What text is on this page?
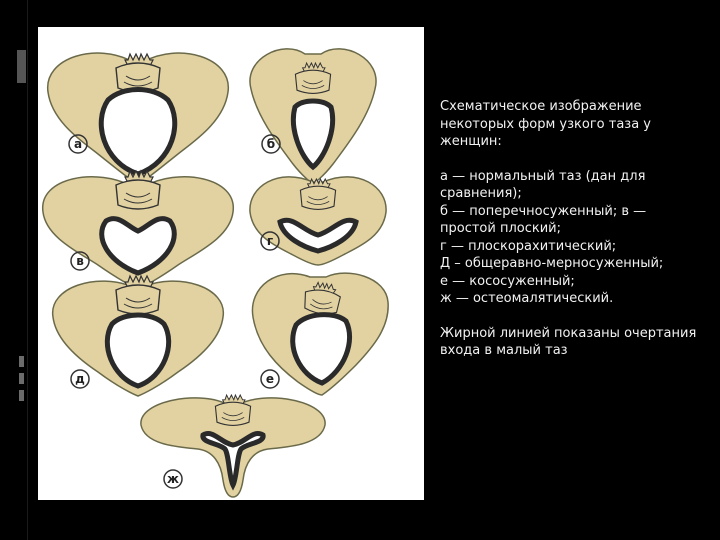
а	б
в
г
д	е
ж

Схематическое изображение некоторых форм узкого таза у женщин:

а — нормальный таз (дан для сравнения);

б — поперечносуженный; в — простой плоский;

г — плоскорахитический;

Д – общеравно-мерносуженный;

е — кососуженный;

ж — остеомалятический.

Жирной линией показаны очертания входа в малый таз
